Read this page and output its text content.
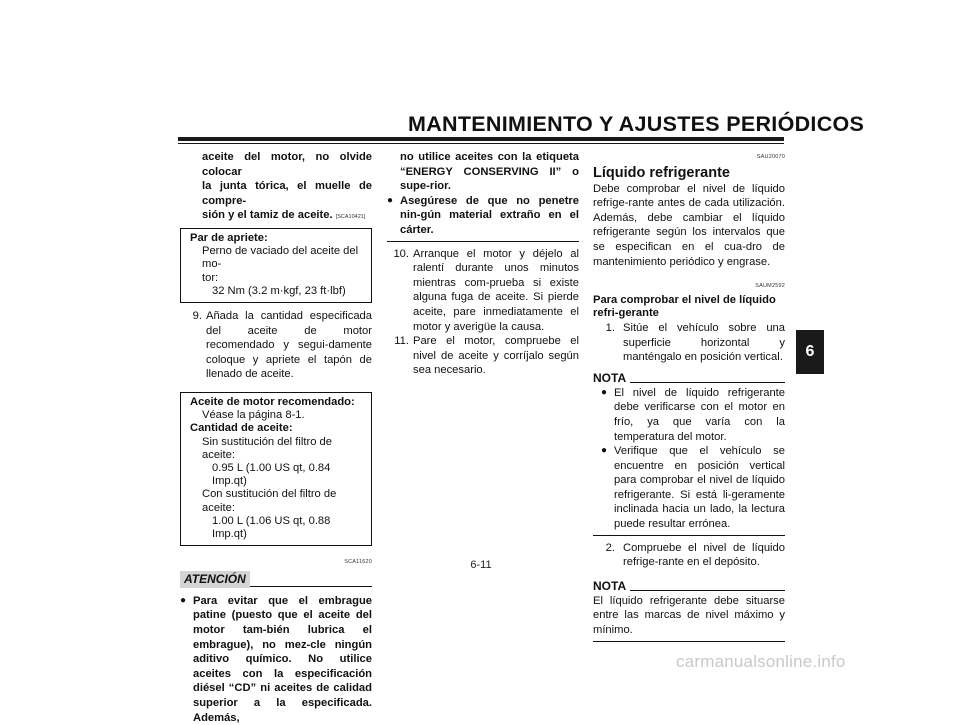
MANTENIMIENTO Y AJUSTES PERIÓDICOS
6

aceite del motor, no olvide colocar

la junta tórica, el muelle de compre-

sión y el tamiz de aceite. [SCA10421]

Par de apriete:

Perno de vaciado del aceite del mo-

tor:

32 Nm (3.2 m·kgf, 23 ft·lbf)

9. Añada la cantidad especificada del aceite de motor recomendado y segui-damente coloque y apriete el tapón de llenado de aceite.

Aceite de motor recomendado:

Véase la página 8-1.

Cantidad de aceite:

Sin sustitución del filtro de aceite:

0.95 L (1.00 US qt, 0.84 Imp.qt)

Con sustitución del filtro de aceite:

1.00 L (1.06 US qt, 0.88 Imp.qt)

SCA11620

ATENCIÓN
● Para evitar que el embrague patine (puesto que el aceite del motor tam-bién lubrica el embrague), no mez-cle ningún aditivo químico. No utilice aceites con la especificación diésel “CD” ni aceites de calidad superior a la especificada. Además,

no utilice aceites con la etiqueta “ENERGY CONSERVING II” o supe-rior.

● Asegúrese de que no penetre nin-gún material extraño en el cárter.
10. Arranque el motor y déjelo al ralentí durante unos minutos mientras com-prueba si existe alguna fuga de aceite. Si pierde aceite, pare inmediatamente el motor y averigüe la causa.
11. Pare el motor, compruebe el nivel de aceite y corríjalo según sea necesario.

SAU20070

Líquido refrigerante

Debe comprobar el nivel de líquido refrige-rante antes de cada utilización. Además, debe cambiar el líquido refrigerante según los intervalos que se especifican en el cua-dro de mantenimiento periódico y engrase.

SAUM2592

Para comprobar el nivel de líquido refri-gerante

1. Sitúe el vehículo sobre una superficie horizontal y manténgalo en posición vertical.
NOTA
● El nivel de líquido refrigerante debe verificarse con el motor en frío, ya que varía con la temperatura del motor.
● Verifique que el vehículo se encuentre en posición vertical para comprobar el nivel de líquido refrigerante. Si está li-geramente inclinada hacia un lado, la lectura puede resultar errónea.
2. Compruebe el nivel de líquido refrige-rante en el depósito.
NOTA

El líquido refrigerante debe situarse entre las marcas de nivel máximo y mínimo.

6-11
carmanualsonline.info
